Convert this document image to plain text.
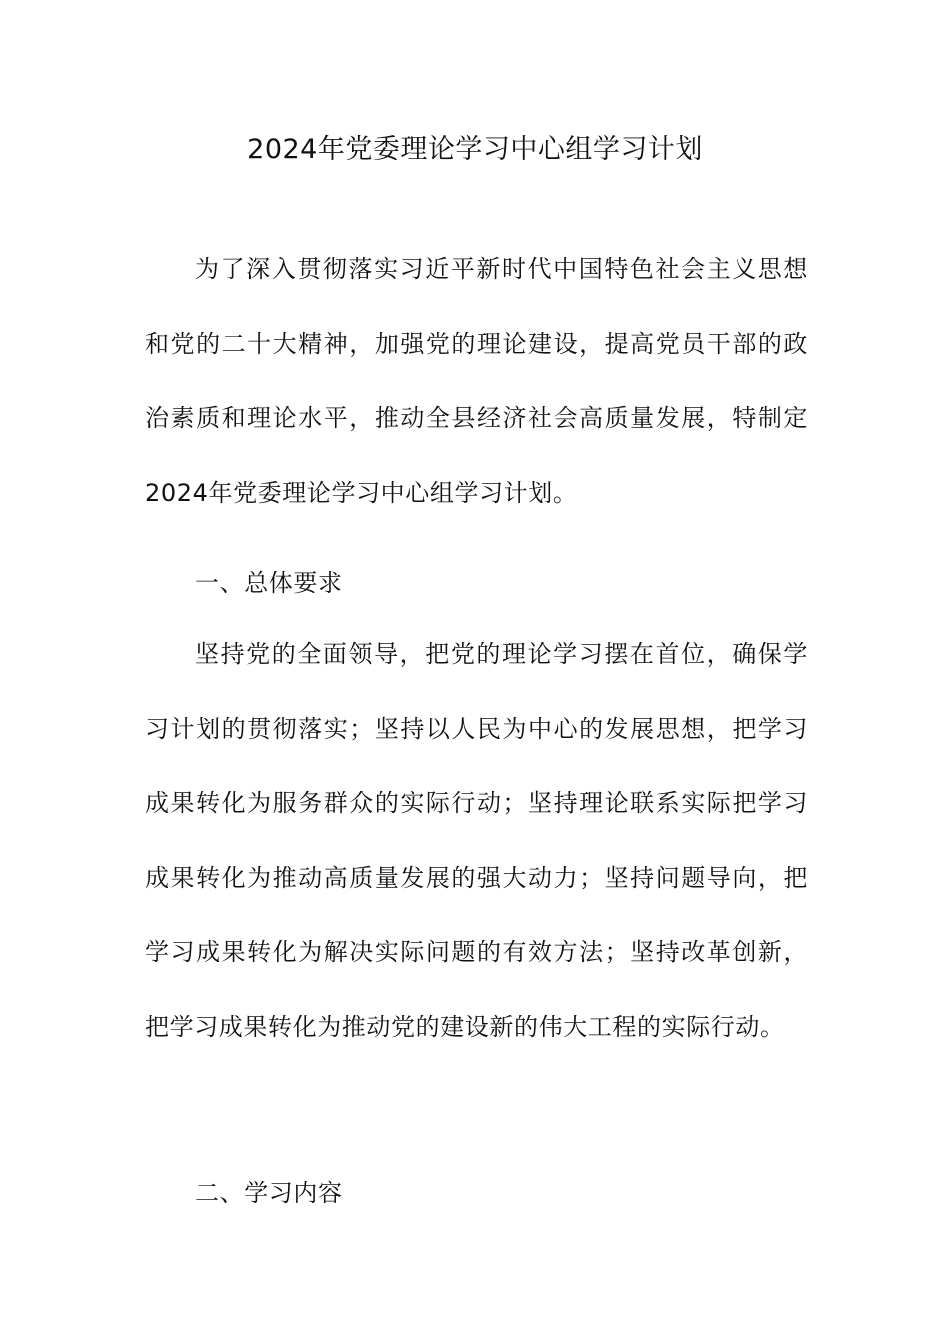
2024年党委理论学习中心组学习计划

为了深入贯彻落实习近平新时代中国特色社会主义思想和党的二十大精神，加强党的理论建设，提高党员干部的政治素质和理论水平，推动全县经济社会高质量发展，特制定2024年党委理论学习中心组学习计划。

一、总体要求

坚持党的全面领导，把党的理论学习摆在首位，确保学习计划的贯彻落实；坚持以人民为中心的发展思想，把学习成果转化为服务群众的实际行动；坚持理论联系实际把学习成果转化为推动高质量发展的强大动力；坚持问题导向，把学习成果转化为解决实际问题的有效方法；坚持改革创新，把学习成果转化为推动党的建设新的伟大工程的实际行动。

二、学习内容
